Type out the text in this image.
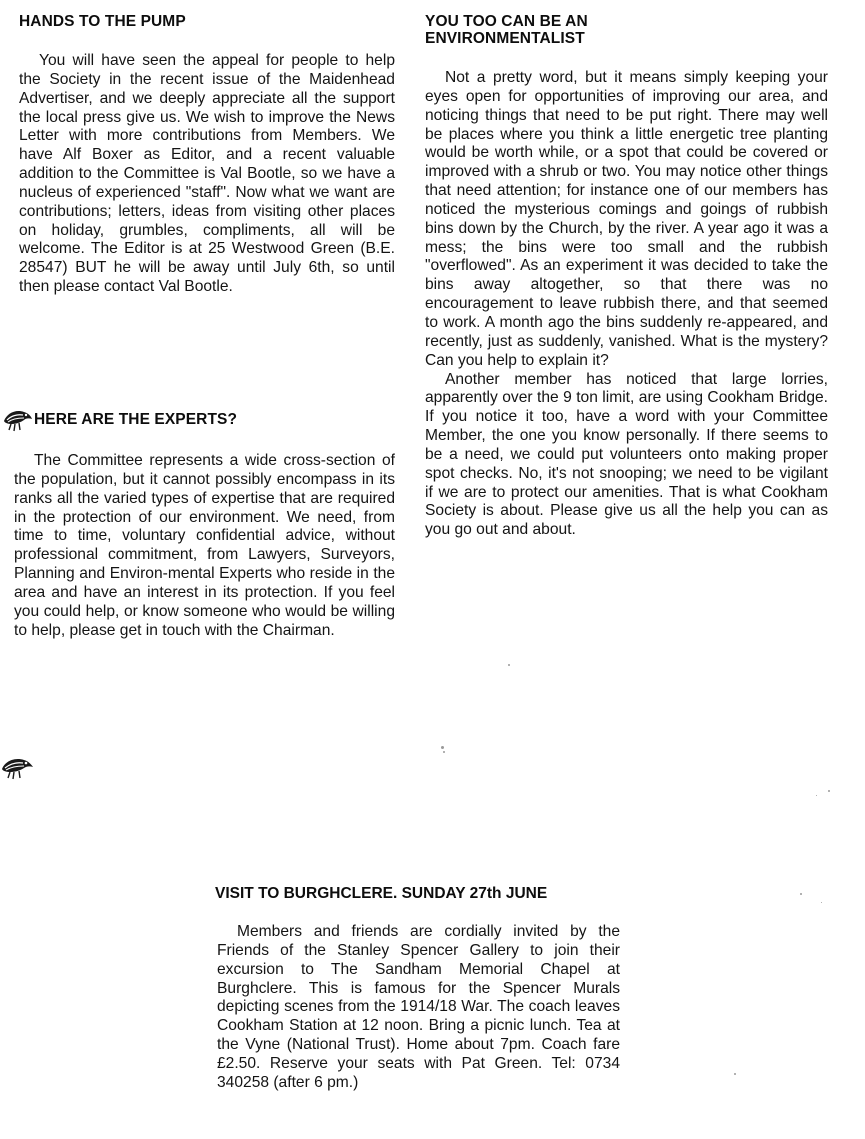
HANDS TO THE PUMP

You will have seen the appeal for people to help the Society in the recent issue of the Maidenhead Advertiser, and we deeply appreciate all the support the local press give us. We wish to improve the News Letter with more contributions from Members. We have Alf Boxer as Editor, and a recent valuable addition to the Committee is Val Bootle, so we have a nucleus of experienced "staff". Now what we want are contributions; letters, ideas from visiting other places on holiday, grumbles, compliments, all will be welcome. The Editor is at 25 Westwood Green (B.E. 28547) BUT he will be away until July 6th, so until then please contact Val Bootle.

YOU TOO CAN BE AN
ENVIRONMENTALIST

Not a pretty word, but it means simply keeping your eyes open for opportunities of improving our area, and noticing things that need to be put right. There may well be places where you think a little energetic tree planting would be worth while, or a spot that could be covered or improved with a shrub or two. You may notice other things that need attention; for instance one of our members has noticed the mysterious comings and goings of rubbish bins down by the Church, by the river. A year ago it was a mess; the bins were too small and the rubbish "overflowed". As an experiment it was decided to take the bins away altogether, so that there was no encouragement to leave rubbish there, and that seemed to work. A month ago the bins suddenly re-appeared, and recently, just as suddenly, vanished. What is the mystery? Can you help to explain it?

Another member has noticed that large lorries, apparently over the 9 ton limit, are using Cookham Bridge. If you notice it too, have a word with your Committee Member, the one you know personally. If there seems to be a need, we could put volunteers onto making proper spot checks. No, it's not snooping; we need to be vigilant if we are to protect our amenities. That is what Cookham Society is about. Please give us all the help you can as you go out and about.

HERE ARE THE EXPERTS?

The Committee represents a wide cross-section of the population, but it cannot possibly encompass in its ranks all the varied types of expertise that are required in the protection of our environment. We need, from time to time, voluntary confidential advice, without professional commitment, from Lawyers, Surveyors, Planning and Environ-mental Experts who reside in the area and have an interest in its protection. If you feel you could help, or know someone who would be willing to help, please get in touch with the Chairman.

VISIT TO BURGHCLERE. SUNDAY 27th JUNE

Members and friends are cordially invited by the Friends of the Stanley Spencer Gallery to join their excursion to The Sandham Memorial Chapel at Burghclere. This is famous for the Spencer Murals depicting scenes from the 1914/18 War. The coach leaves Cookham Station at 12 noon. Bring a picnic lunch. Tea at the Vyne (National Trust). Home about 7pm. Coach fare £2.50. Reserve your seats with Pat Green. Tel: 0734 340258 (after 6 pm.)
